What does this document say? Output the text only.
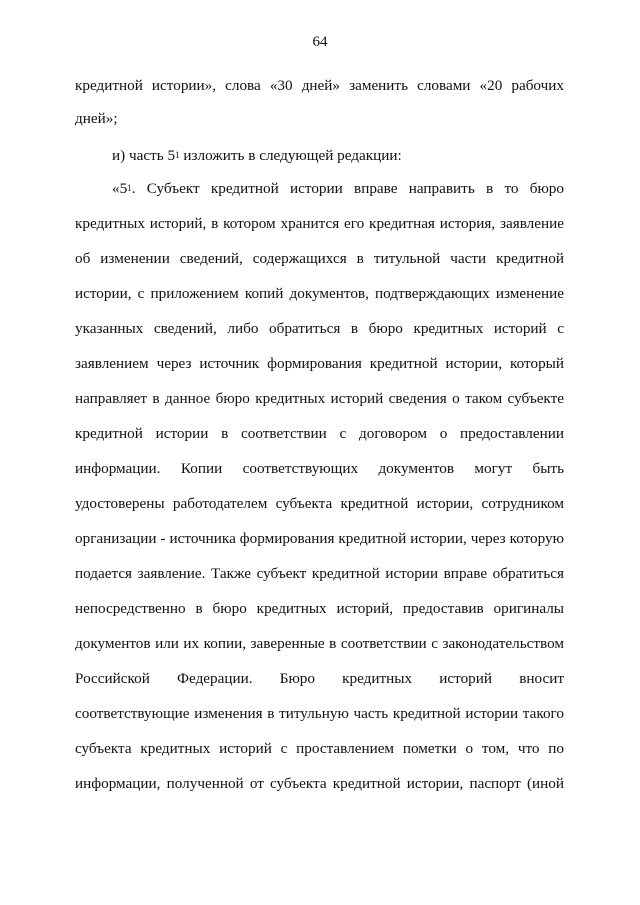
64
кредитной истории», слова «30 дней» заменить словами «20 рабочих
дней»;
и) часть $5^1$ изложить в следующей редакции:
«$5^1$. Субъект кредитной истории вправе направить в то бюро
кредитных историй, в котором хранится его кредитная история, заявление
об изменении сведений, содержащихся в титульной части кредитной
истории, с приложением копий документов, подтверждающих изменение
указанных сведений, либо обратиться в бюро кредитных историй с
заявлением через источник формирования кредитной истории, который
направляет в данное бюро кредитных историй сведения о таком субъекте
кредитной истории в соответствии с договором о предоставлении
информации. Копии соответствующих документов могут быть
удостоверены работодателем субъекта кредитной истории, сотрудником
организации - источника формирования кредитной истории, через которую
подается заявление. Также субъект кредитной истории вправе обратиться
непосредственно в бюро кредитных историй, предоставив оригиналы
документов или их копии, заверенные в соответствии с законодательством
Российской Федерации. Бюро кредитных историй вносит
соответствующие изменения в титульную часть кредитной истории такого
субъекта кредитных историй с проставлением пометки о том, что по
информации, полученной от субъекта кредитной истории, паспорт (иной
